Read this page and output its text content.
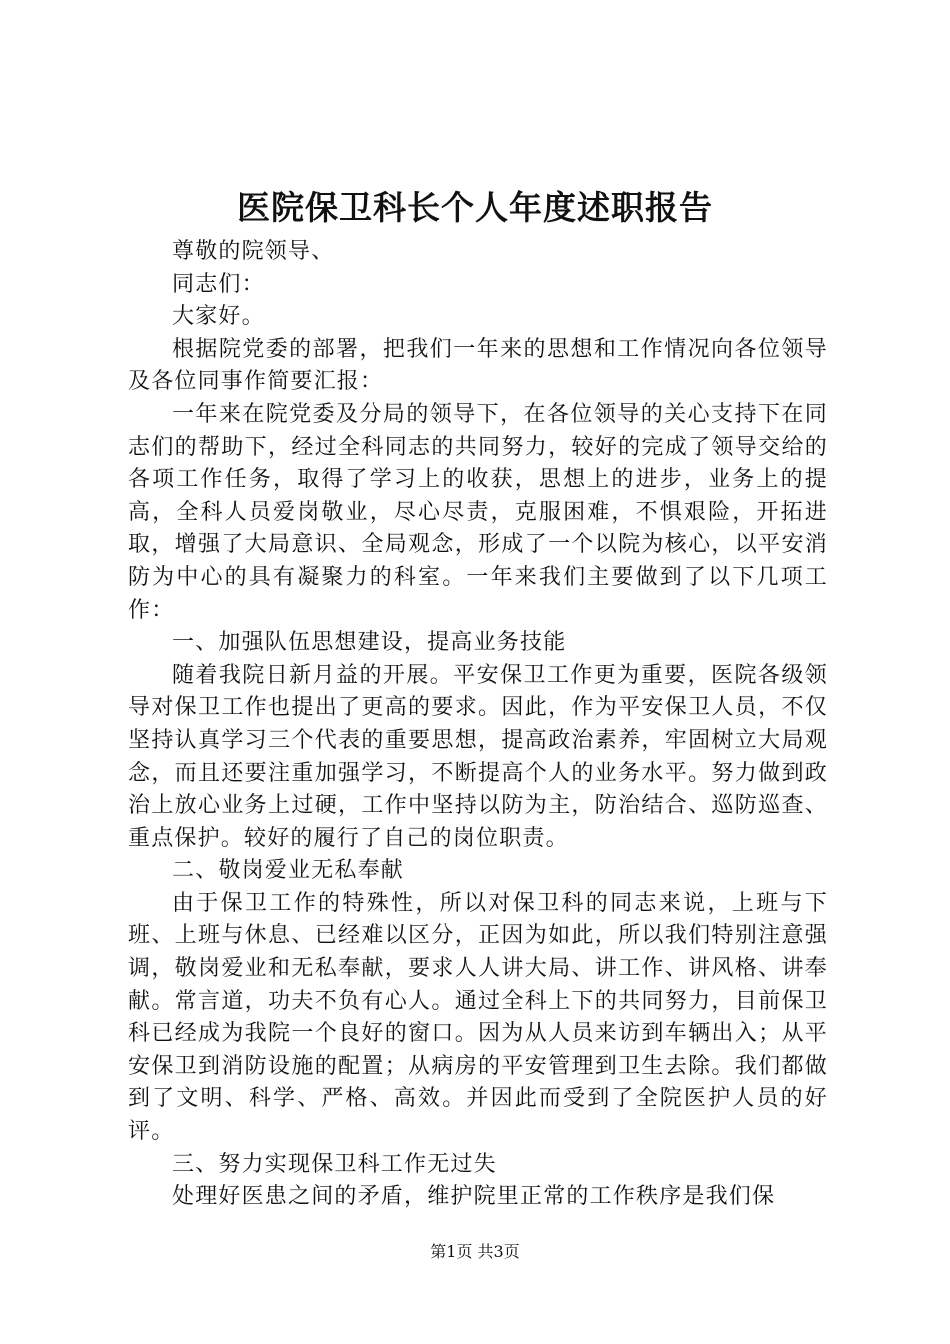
医院保卫科长个人年度述职报告

尊敬的院领导、

同志们：

大家好。

根据院党委的部署，把我们一年来的思想和工作情况向各位领导及各位同事作简要汇报：

一年来在院党委及分局的领导下，在各位领导的关心支持下在同志们的帮助下，经过全科同志的共同努力，较好的完成了领导交给的各项工作任务，取得了学习上的收获，思想上的进步，业务上的提高，全科人员爱岗敬业，尽心尽责，克服困难，不惧艰险，开拓进取，增强了大局意识、全局观念，形成了一个以院为核心，以平安消防为中心的具有凝聚力的科室。一年来我们主要做到了以下几项工作：

一、加强队伍思想建设，提高业务技能

随着我院日新月益的开展。平安保卫工作更为重要，医院各级领导对保卫工作也提出了更高的要求。因此，作为平安保卫人员，不仅坚持认真学习三个代表的重要思想，提高政治素养，牢固树立大局观念，而且还要注重加强学习，不断提高个人的业务水平。努力做到政治上放心业务上过硬，工作中坚持以防为主，防治结合、巡防巡查、重点保护。较好的履行了自己的岗位职责。

二、敬岗爱业无私奉献

由于保卫工作的特殊性，所以对保卫科的同志来说，上班与下班、上班与休息、已经难以区分，正因为如此，所以我们特别注意强调，敬岗爱业和无私奉献，要求人人讲大局、讲工作、讲风格、讲奉献。常言道，功夫不负有心人。通过全科上下的共同努力，目前保卫科已经成为我院一个良好的窗口。因为从人员来访到车辆出入；从平安保卫到消防设施的配置；从病房的平安管理到卫生去除。我们都做到了文明、科学、严格、高效。并因此而受到了全院医护人员的好评。

三、努力实现保卫科工作无过失

处理好医患之间的矛盾，维护院里正常的工作秩序是我们保

第1页 共3页
